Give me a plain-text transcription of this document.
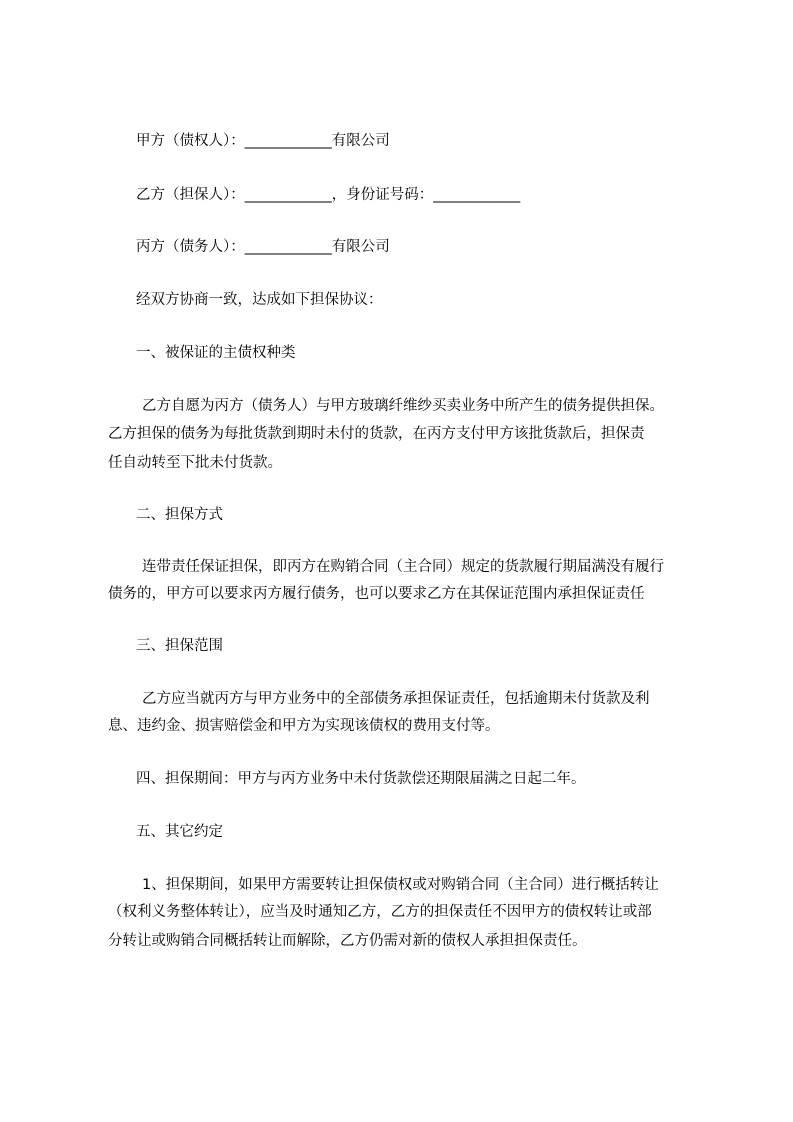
甲方（债权人）：____________有限公司
乙方（担保人）：____________，身份证号码：____________
丙方（债务人）：____________有限公司
经双方协商一致，达成如下担保协议：
一、被保证的主债权种类
乙方自愿为丙方（债务人）与甲方玻璃纤维纱买卖业务中所产生的债务提供担保。
乙方担保的债务为每批货款到期时未付的货款，在丙方支付甲方该批货款后，担保责
任自动转至下批未付货款。
二、担保方式
连带责任保证担保，即丙方在购销合同（主合同）规定的货款履行期届满没有履行
债务的，甲方可以要求丙方履行债务，也可以要求乙方在其保证范围内承担保证责任
三、担保范围
乙方应当就丙方与甲方业务中的全部债务承担保证责任，包括逾期未付货款及利
息、违约金、损害赔偿金和甲方为实现该债权的费用支付等。
四、担保期间：甲方与丙方业务中未付货款偿还期限届满之日起二年。
五、其它约定
1、担保期间，如果甲方需要转让担保债权或对购销合同（主合同）进行概括转让
（权利义务整体转让），应当及时通知乙方，乙方的担保责任不因甲方的债权转让或部
分转让或购销合同概括转让而解除，乙方仍需对新的债权人承担担保责任。
